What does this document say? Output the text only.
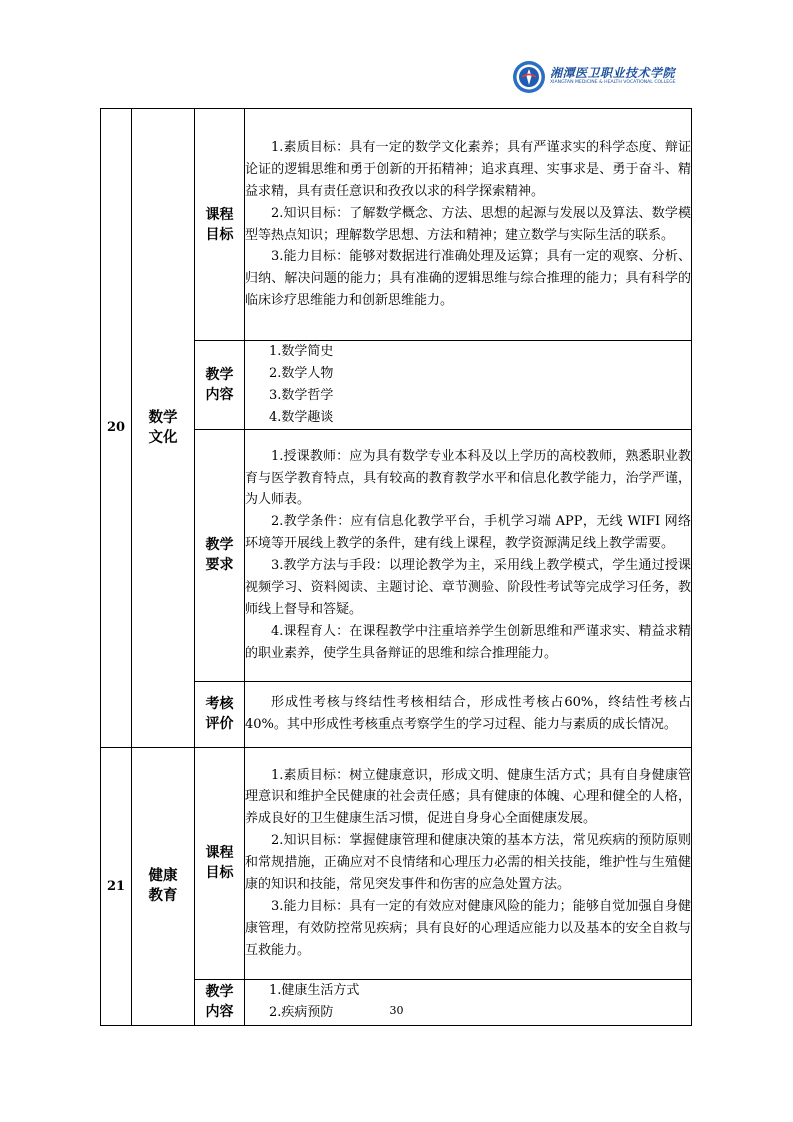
湘潭医卫职业技术学院
XIANGTAN MEDICINE & HEALTH VOCATIONAL COLLEGE
20	数学文化	课程目标	1.素质目标：具有一定的数学文化素养；具有严谨求实的科学态度、辩证论证的逻辑思维和勇于创新的开拓精神；追求真理、实事求是、勇于奋斗、精益求精，具有责任意识和孜孜以求的科学探索精神。

2.知识目标：了解数学概念、方法、思想的起源与发展以及算法、数学模型等热点知识；理解数学思想、方法和精神；建立数学与实际生活的联系。

3.能力目标：能够对数据进行准确处理及运算；具有一定的观察、分析、归纳、解决问题的能力；具有准确的逻辑思维与综合推理的能力；具有科学的临床诊疗思维能力和创新思维能力。

		教学内容	1.数学简史
2.数学人物
3.数学哲学
4.数学趣谈

		教学要求	1.授课教师：应为具有数学专业本科及以上学历的高校教师，熟悉职业教育与医学教育特点，具有较高的教育教学水平和信息化教学能力，治学严谨，为人师表。

2.教学条件：应有信息化教学平台，手机学习端 APP，无线 WIFI 网络环境等开展线上教学的条件，建有线上课程，教学资源满足线上教学需要。

3.教学方法与手段：以理论教学为主，采用线上教学模式，学生通过授课视频学习、资料阅读、主题讨论、章节测验、阶段性考试等完成学习任务，教师线上督导和答疑。

4.课程育人：在课程教学中注重培养学生创新思维和严谨求实、精益求精的职业素养，使学生具备辩证的思维和综合推理能力。

		考核评价	形成性考核与终结性考核相结合，形成性考核占60%，终结性考核占40%。其中形成性考核重点考察学生的学习过程、能力与素质的成长情况。

21	健康教育	课程目标	1.素质目标：树立健康意识，形成文明、健康生活方式；具有自身健康管理意识和维护全民健康的社会责任感；具有健康的体魄、心理和健全的人格，养成良好的卫生健康生活习惯，促进自身身心全面健康发展。

2.知识目标：掌握健康管理和健康决策的基本方法，常见疾病的预防原则和常规措施，正确应对不良情绪和心理压力必需的相关技能，维护性与生殖健康的知识和技能，常见突发事件和伤害的应急处置方法。

3.能力目标：具有一定的有效应对健康风险的能力；能够自觉加强自身健康管理，有效防控常见疾病；具有良好的心理适应能力以及基本的安全自救与互救能力。

		教学内容	1.健康生活方式
2.疾病预防	30
